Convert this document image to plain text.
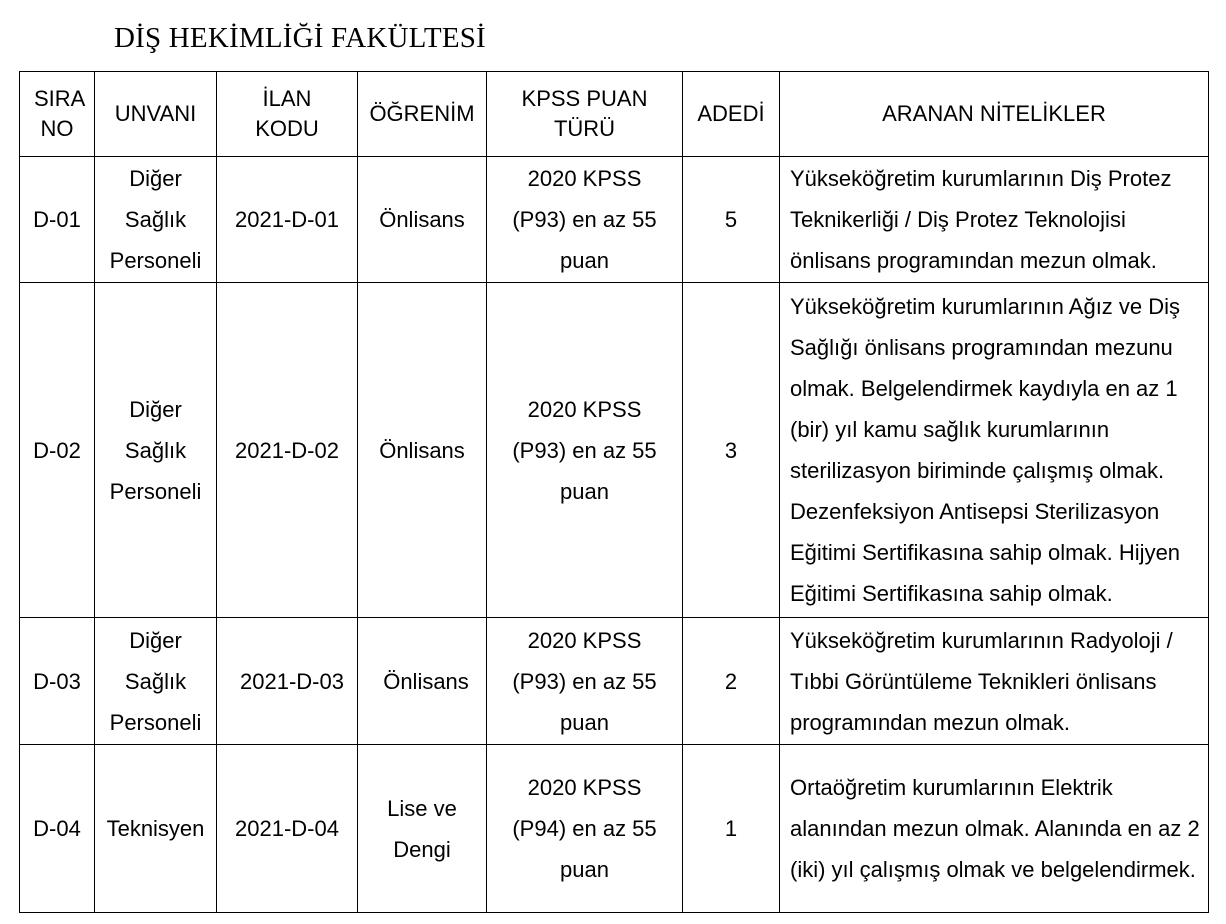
DİŞ HEKİMLİĞİ FAKÜLTESİ
SIRA NO	UNVANI	İLAN KODU	ÖĞRENİM	KPSS PUAN TÜRÜ	ADEDİ	ARANAN NİTELİKLER
D-01	Diğer Sağlık Personeli	2021-D-01	Önlisans	2020 KPSS (P93) en az 55 puan	5	Yükseköğretim kurumlarının Diş Protez Teknikerliği / Diş Protez Teknolojisi önlisans programından mezun olmak.
D-02	Diğer Sağlık Personeli	2021-D-02	Önlisans	2020 KPSS (P93) en az 55 puan	3	Yükseköğretim kurumlarının Ağız ve Diş Sağlığı önlisans programından mezunu olmak. Belgelendirmek kaydıyla en az 1 (bir) yıl kamu sağlık kurumlarının sterilizasyon biriminde çalışmış olmak. Dezenfeksiyon Antisepsi Sterilizasyon Eğitimi Sertifikasına sahip olmak. Hijyen Eğitimi Sertifikasına sahip olmak.
D-03	Diğer Sağlık Personeli	2021-D-03	Önlisans	2020 KPSS (P93) en az 55 puan	2	Yükseköğretim kurumlarının Radyoloji / Tıbbi Görüntüleme Teknikleri önlisans programından mezun olmak.
D-04	Teknisyen	2021-D-04	Lise ve Dengi	2020 KPSS (P94) en az 55 puan	1	Ortaöğretim kurumlarının Elektrik alanından mezun olmak. Alanında en az 2 (iki) yıl çalışmış olmak ve belgelendirmek.
